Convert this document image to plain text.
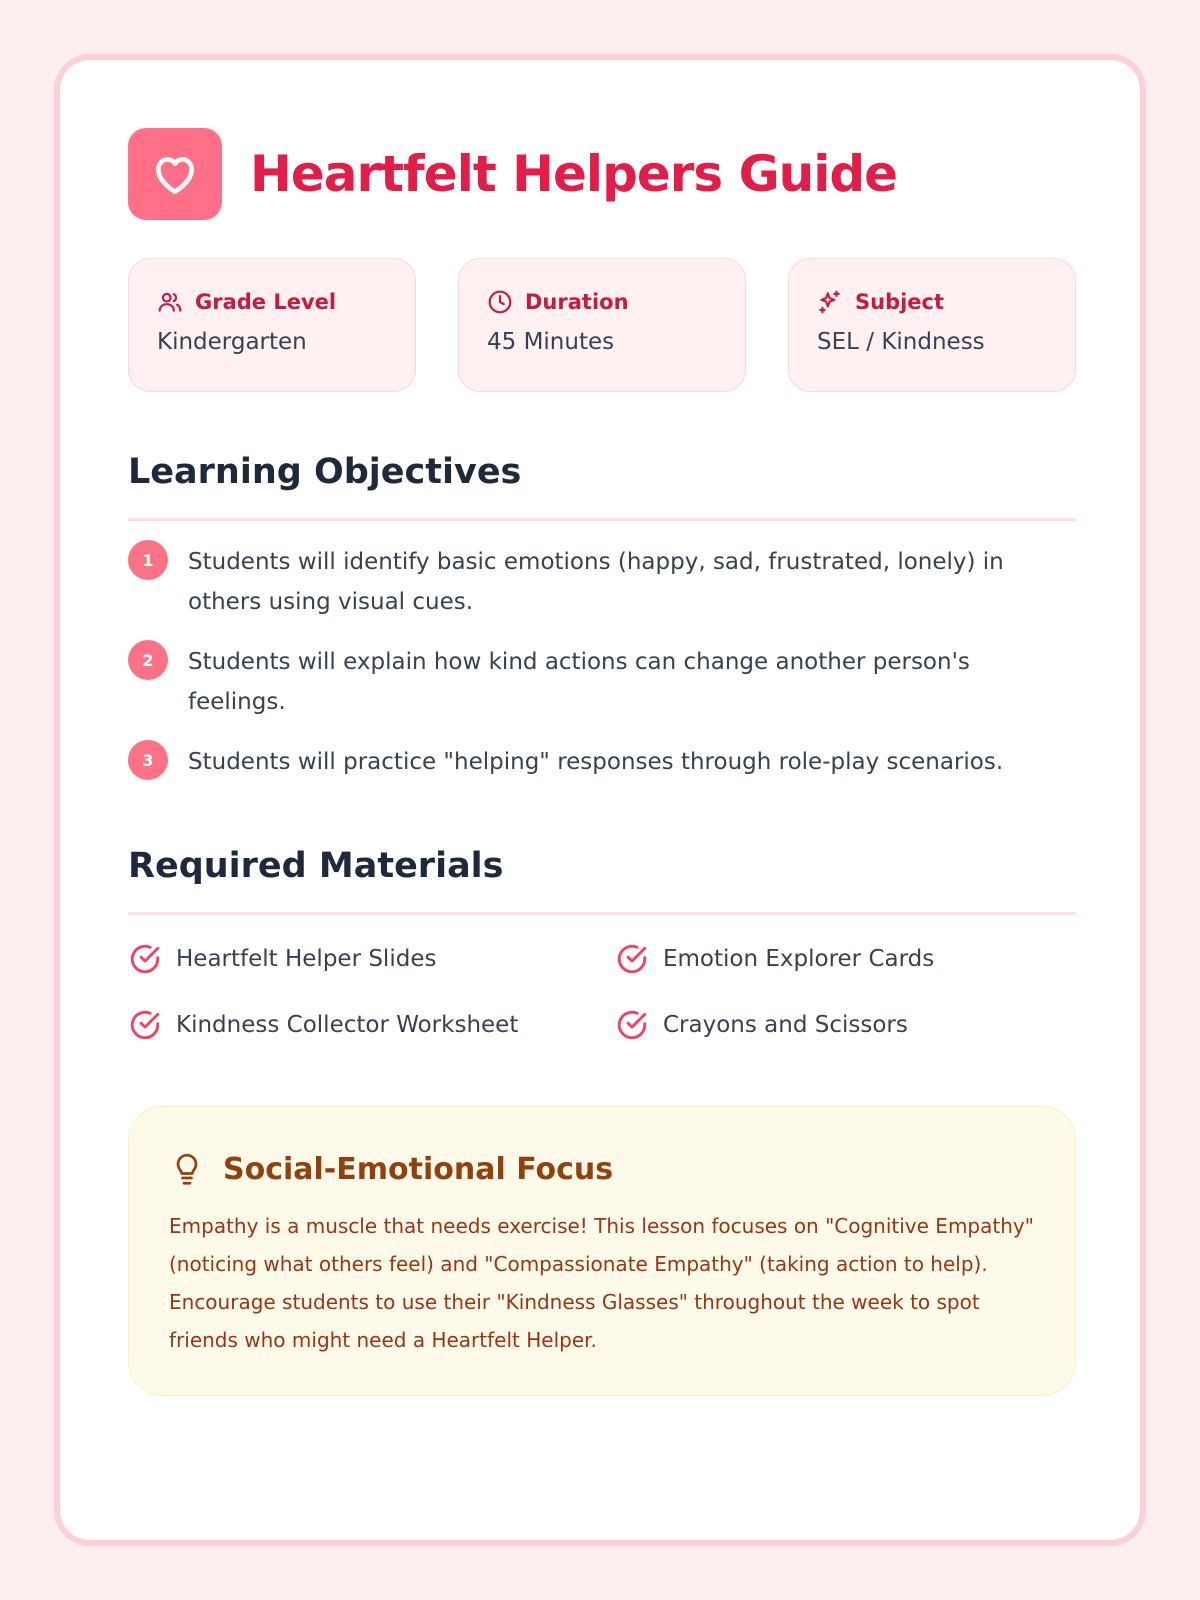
Heartfelt Helpers Guide
Grade Level
Kindergarten
Duration
45 Minutes
Subject
SEL / Kindness
Learning Objectives
1	Students will identify basic emotions (happy, sad, frustrated, lonely) in others using visual cues.
2	Students will explain how kind actions can change another person's feelings.
3	Students will practice "helping" responses through role-play scenarios.
Required Materials
Heartfelt Helper Slides	Emotion Explorer Cards
Kindness Collector Worksheet	Crayons and Scissors
Social-Emotional Focus
Empathy is a muscle that needs exercise! This lesson focuses on "Cognitive Empathy" (noticing what others feel) and "Compassionate Empathy" (taking action to help). Encourage students to use their "Kindness Glasses" throughout the week to spot friends who might need a Heartfelt Helper.
